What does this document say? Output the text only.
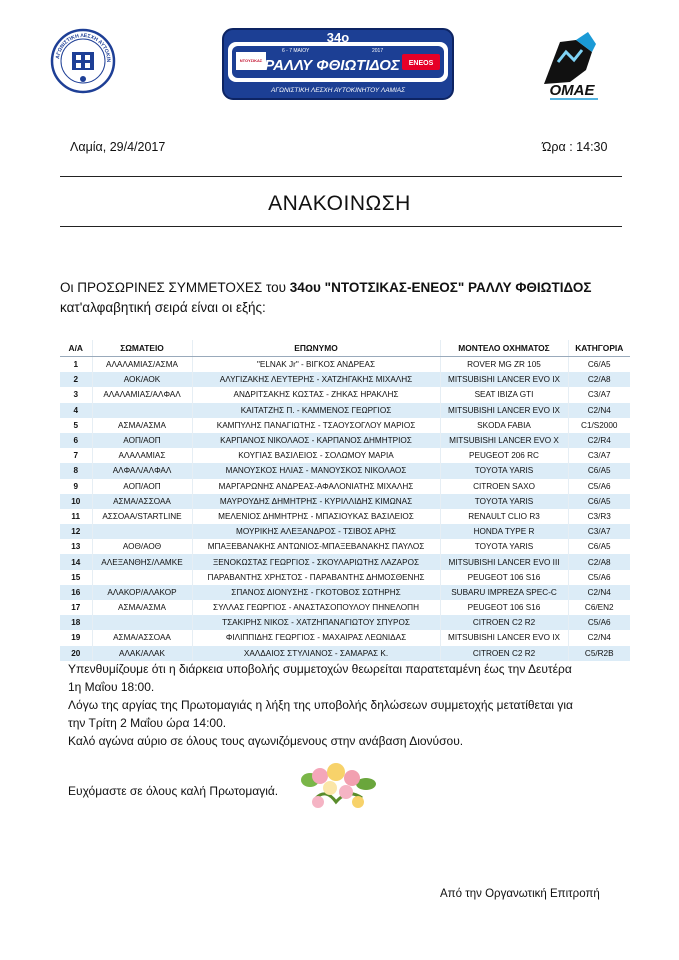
ΑΓΩΝΙΣΤΙΚΗ ΛΕΣΧΗ ΑΥΤΟΚΙΝ
34ο
6 - 7 ΜΑΙΟΥ	2017
ΝΤΟΥΣΙΚΑΣ ΡΑΛΛΥ ΦΘΙΩΤΙΔΟΣ ENEOS
ΑΓΩΝΙΣΤΙΚΗ ΛΕΣΧΗ ΑΥΤΟΚΙΝΗΤΟΥ ΛΑΜΙΑΣ	ΟΜΑΕ
Λαμία, 29/4/2017	Ώρα : 14:30
ΑΝΑΚΟΙΝΩΣΗ
Οι ΠΡΟΣΩΡΙΝΕΣ ΣΥΜΜΕΤΟΧΕΣ του 34ου "ΝΤΟΤΣΙΚΑΣ-ΕΝΕΟΣ" ΡΑΛΛΥ ΦΘΙΩΤΙΔΟΣ
κατ'αλφαβητική σειρά είναι οι εξής:
Α/Α	ΣΩΜΑΤΕΙΟ	ΕΠΩΝΥΜΟ	ΜΟΝΤΕΛΟ ΟΧΗΜΑΤΟΣ	ΚΑΤΗΓΟΡΙΑ
1	ΑΛΑΛΑΜΙΑΣ/ΑΣΜΑ	"ELNAK Jr" - ΒΙΓΚΟΣ ΑΝΔΡΕΑΣ	ROVER MG ZR 105	C6/A5
2	ΑΟΚ/ΑΟΚ	ΑΛΥΓΙΖΑΚΗΣ ΛΕΥΤΕΡΗΣ - ΧΑΤΖΗΓΑΚΗΣ ΜΙΧΑΛΗΣ	MITSUBISHI LANCER EVO IX	C2/A8
3	ΑΛΑΛΑΜΙΑΣ/ΑΛΦΑΛ	ΑΝΔΡΙΤΣΑΚΗΣ ΚΩΣΤΑΣ - ΖΗΚΑΣ ΗΡΑΚΛΗΣ	SEAT IBIZA GTI	C3/A7
4		ΚΑΙΤΑΤΖΗΣ Π. - ΚΑΜΜΕΝΟΣ ΓΕΩΡΓΙΟΣ	MITSUBISHI LANCER EVO IX	C2/N4
5	ΑΣΜΑ/ΑΣΜΑ	ΚΑΜΠΥΛΗΣ ΠΑΝΑΓΙΩΤΗΣ - ΤΣΑΟΥΣΟΓΛΟΥ ΜΑΡΙΟΣ	SKODA FABIA	C1/S2000
6	ΑΟΠ/ΑΟΠ	ΚΑΡΠΑΝΟΣ ΝΙΚΟΛΑΟΣ - ΚΑΡΠΑΝΟΣ ΔΗΜΗΤΡΙΟΣ	MITSUBISHI LANCER EVO X	C2/R4
7	ΑΛΑΛΑΜΙΑΣ	ΚΟΥΓΙΑΣ ΒΑΣΙΛΕΙΟΣ - ΣΟΛΩΜΟΥ ΜΑΡΙΑ	PEUGEOT 206 RC	C3/A7
8	ΑΛΦΑΛ/ΑΛΦΑΛ	ΜΑΝΟΥΣΚΟΣ ΗΛΙΑΣ - ΜΑΝΟΥΣΚΟΣ ΝΙΚΟΛΑΟΣ	TOYOTA YARIS	C6/A5
9	ΑΟΠ/ΑΟΠ	ΜΑΡΓΑΡΩΝΗΣ ΑΝΔΡΕΑΣ-ΑΦΑΛΟΝΙΑΤΗΣ ΜΙΧΑΛΗΣ	CITROEN SAXO	C5/A6
10	ΑΣΜΑ/ΑΣΣΟΑΑ	ΜΑΥΡΟΥΔΗΣ ΔΗΜΗΤΡΗΣ - ΚΥΡΙΛΛΙΔΗΣ ΚΙΜΩΝΑΣ	TOYOTA YARIS	C6/A5
11	ΑΣΣΟΑΑ/STARTLINE	ΜΕΛΕΝΙΟΣ ΔΗΜΗΤΡΗΣ - ΜΠΑΣΙΟΥΚΑΣ ΒΑΣΙΛΕΙΟΣ	RENAULT CLIO R3	C3/R3
12		ΜΟΥΡΙΚΗΣ ΑΛΕΞΑΝΔΡΟΣ - ΤΣΙΒΟΣ ΑΡΗΣ	HONDA TYPE R	C3/A7
13	ΑΟΘ/ΑΟΘ	ΜΠΑΞΕΒΑΝΑΚΗΣ ΑΝΤΩΝΙΟΣ-ΜΠΑΞΕΒΑΝΑΚΗΣ ΠΑΥΛΟΣ	TOYOTA YARIS	C6/A5
14	ΑΛΕΞΑΝΘΗΣ/ΛΑΜΚΕ	ΞΕΝΟΚΩΣΤΑΣ ΓΕΩΡΓΙΟΣ - ΣΚΟΥΛΑΡΙΩΤΗΣ ΛΑΖΑΡΟΣ	MITSUBISHI LANCER EVO III	C2/A8
15		ΠΑΡΑΒΑΝΤΗΣ ΧΡΗΣΤΟΣ - ΠΑΡΑΒΑΝΤΗΣ ΔΗΜΟΣΘΕΝΗΣ	PEUGEOT 106 S16	C5/A6
16	ΑΛΑΚΟΡ/ΑΛΑΚΟΡ	ΣΠΑΝΟΣ ΔΙΟΝΥΣΗΣ - ΓΚΟΤΟΒΟΣ ΣΩΤΗΡΗΣ	SUBARU IMPREZA SPEC-C	C2/N4
17	ΑΣΜΑ/ΑΣΜΑ	ΣΥΛΛΑΣ ΓΕΩΡΓΙΟΣ - ΑΝΑΣΤΑΣΟΠΟΥΛΟΥ ΠΗΝΕΛΟΠΗ	PEUGEOT 106 S16	C6/EN2
18		ΤΣΑΚΙΡΗΣ ΝΙΚΟΣ - ΧΑΤΖΗΠΑΝΑΓΙΩΤΟΥ ΣΠΥΡΟΣ	CITROEN C2 R2	C5/A6
19	ΑΣΜΑ/ΑΣΣΟΑΑ	ΦΙΛΙΠΠΙΔΗΣ ΓΕΩΡΓΙΟΣ - ΜΑΧΑΙΡΑΣ ΛΕΩΝΙΔΑΣ	MITSUBISHI LANCER EVO IX	C2/N4
20	ΑΛΑΚ/ΑΛΑΚ	ΧΑΛΔΑΙΟΣ ΣΤΥΛΙΑΝΟΣ - ΣΑΜΑΡΑΣ Κ.	CITROEN C2 R2	C5/R2B

Υπενθυμίζουμε ότι η διάρκεια υποβολής συμμετοχών θεωρείται παρατεταμένη έως την Δευτέρα

1η Μαΐου 18:00.

Λόγω της αργίας της Πρωτομαγιάς η λήξη της υποβολής δηλώσεων συμμετοχής μετατίθεται για

την Τρίτη 2 Μαΐου ώρα 14:00.

Καλό αγώνα αύριο σε όλους τους αγωνιζόμενους στην ανάβαση Διονύσου.

Ευχόμαστε σε όλους καλή Πρωτομαγιά.
Από την Οργανωτική Επιτροπή
